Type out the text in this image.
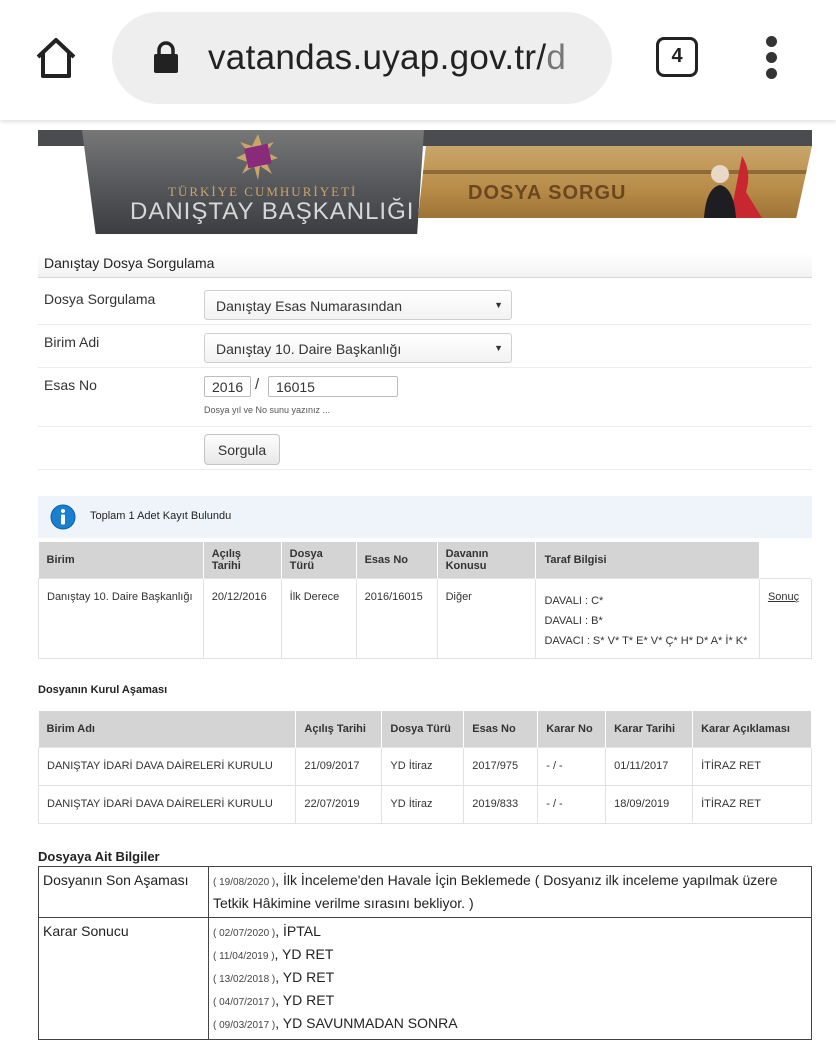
vatandas.uyap.gov.tr/d	4
TÜRKİYE CUMHURİYETİ
DANIŞTAY BAŞKANLIĞI
DOSYA SORGU
Danıştay Dosya Sorgulama
Dosya Sorgulama	Danıştay Esas Numarasından	▼
Birim Adi	Danıştay 10. Daire Başkanlığı	▼
Esas No	2016 /	16015
Dosya yıl ve No sunu yazınız ...
Sorgula
Toplam 1 Adet Kayıt Bulundu
Birim	Açılış Tarihi	Dosya Türü	Esas No	Davanın Konusu	Taraf Bilgisi	
Danıştay 10. Daire Başkanlığı	20/12/2016	İlk Derece	2016/16015	Diğer	DAVALI : C*
DAVALI : B*
DAVACI : S* V* T* E* V* Ç* H* D* A* İ* K*	Sonuç
Dosyanın Kurul Aşaması
Birim Adı	Açılış Tarihi	Dosya Türü	Esas No	Karar No	Karar Tarihi	Karar Açıklaması
DANIŞTAY İDARİ DAVA DAİRELERİ KURULU	21/09/2017	YD İtiraz	2017/975	- / -	01/11/2017	İTİRAZ RET
DANIŞTAY İDARİ DAVA DAİRELERİ KURULU	22/07/2019	YD İtiraz	2019/833	- / -	18/09/2019	İTİRAZ RET
Dosyaya Ait Bilgiler
Dosyanın Son Aşaması	( 19/08/2020 ), İlk İnceleme'den Havale İçin Beklemede ( Dosyanız ilk inceleme yapılmak üzere Tetkik Hâkimine verilme sırasını bekliyor. )
Karar Sonucu	( 02/07/2020 ), İPTAL
( 11/04/2019 ), YD RET
( 13/02/2018 ), YD RET
( 04/07/2017 ), YD RET
( 09/03/2017 ), YD SAVUNMADAN SONRA
